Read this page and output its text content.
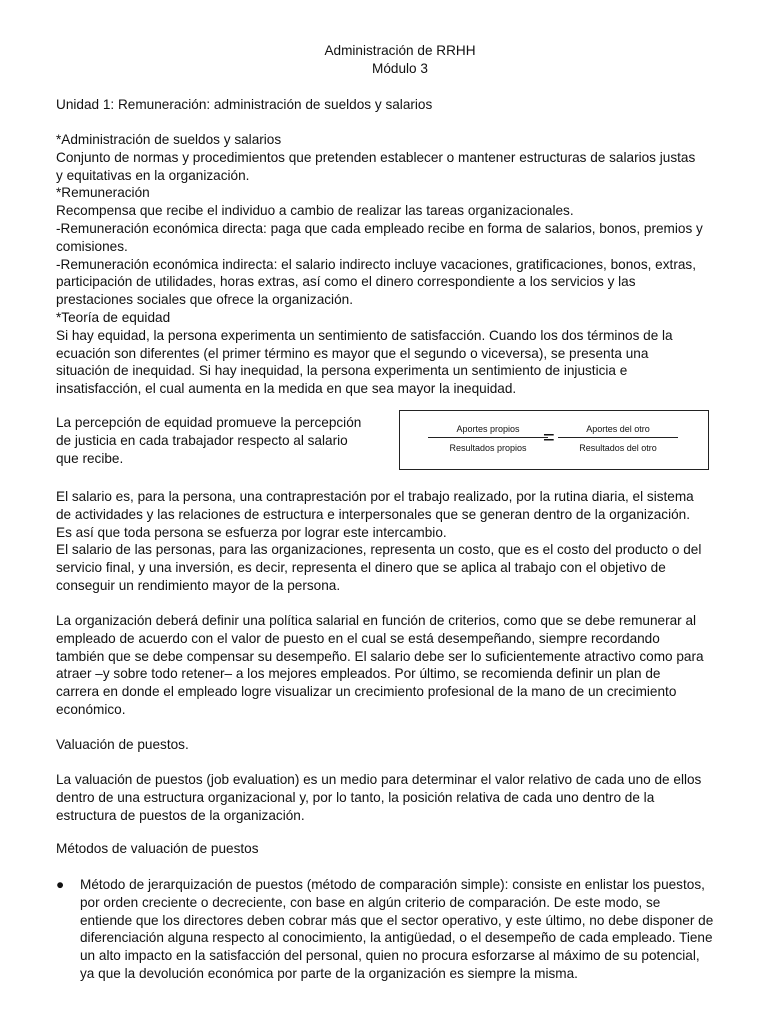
Administración de RRHH
Módulo 3
Unidad 1: Remuneración: administración de sueldos y salarios

*Administración de sueldos y salarios

Conjunto de normas y procedimientos que pretenden establecer o mantener estructuras de salarios justas

y equitativas en la organización.

*Remuneración

Recompensa que recibe el individuo a cambio de realizar las tareas organizacionales.

-Remuneración económica directa: paga que cada empleado recibe en forma de salarios, bonos, premios y

comisiones.

-Remuneración económica indirecta: el salario indirecto incluye vacaciones, gratificaciones, bonos, extras,

participación de utilidades, horas extras, así como el dinero correspondiente a los servicios y las

prestaciones sociales que ofrece la organización.

*Teoría de equidad

Si hay equidad, la persona experimenta un sentimiento de satisfacción. Cuando los dos términos de la

ecuación son diferentes (el primer término es mayor que el segundo o viceversa), se presenta una

situación de inequidad. Si hay inequidad, la persona experimenta un sentimiento de injusticia e

insatisfacción, el cual aumenta en la medida en que sea mayor la inequidad.

La percepción de equidad promueve la percepción

de justicia en cada trabajador respecto al salario

que recibe.

Aportes propios
Resultados propios =	Aportes del otro
Resultados del otro

El salario es, para la persona, una contraprestación por el trabajo realizado, por la rutina diaria, el sistema

de actividades y las relaciones de estructura e interpersonales que se generan dentro de la organización.

Es así que toda persona se esfuerza por lograr este intercambio.

El salario de las personas, para las organizaciones, representa un costo, que es el costo del producto o del

servicio final, y una inversión, es decir, representa el dinero que se aplica al trabajo con el objetivo de

conseguir un rendimiento mayor de la persona.

La organización deberá definir una política salarial en función de criterios, como que se debe remunerar al

empleado de acuerdo con el valor de puesto en el cual se está desempeñando, siempre recordando

también que se debe compensar su desempeño. El salario debe ser lo suficientemente atractivo como para

atraer –y sobre todo retener– a los mejores empleados. Por último, se recomienda definir un plan de

carrera en donde el empleado logre visualizar un crecimiento profesional de la mano de un crecimiento

económico.

Valuación de puestos.

La valuación de puestos (job evaluation) es un medio para determinar el valor relativo de cada uno de ellos

dentro de una estructura organizacional y, por lo tanto, la posición relativa de cada uno dentro de la

estructura de puestos de la organización.

Métodos de valuación de puestos
● Método de jerarquización de puestos (método de comparación simple): consiste en enlistar los puestos,

por orden creciente o decreciente, con base en algún criterio de comparación. De este modo, se

entiende que los directores deben cobrar más que el sector operativo, y este último, no debe disponer de

diferenciación alguna respecto al conocimiento, la antigüedad, o el desempeño de cada empleado. Tiene

un alto impacto en la satisfacción del personal, quien no procura esforzarse al máximo de su potencial,

ya que la devolución económica por parte de la organización es siempre la misma.
